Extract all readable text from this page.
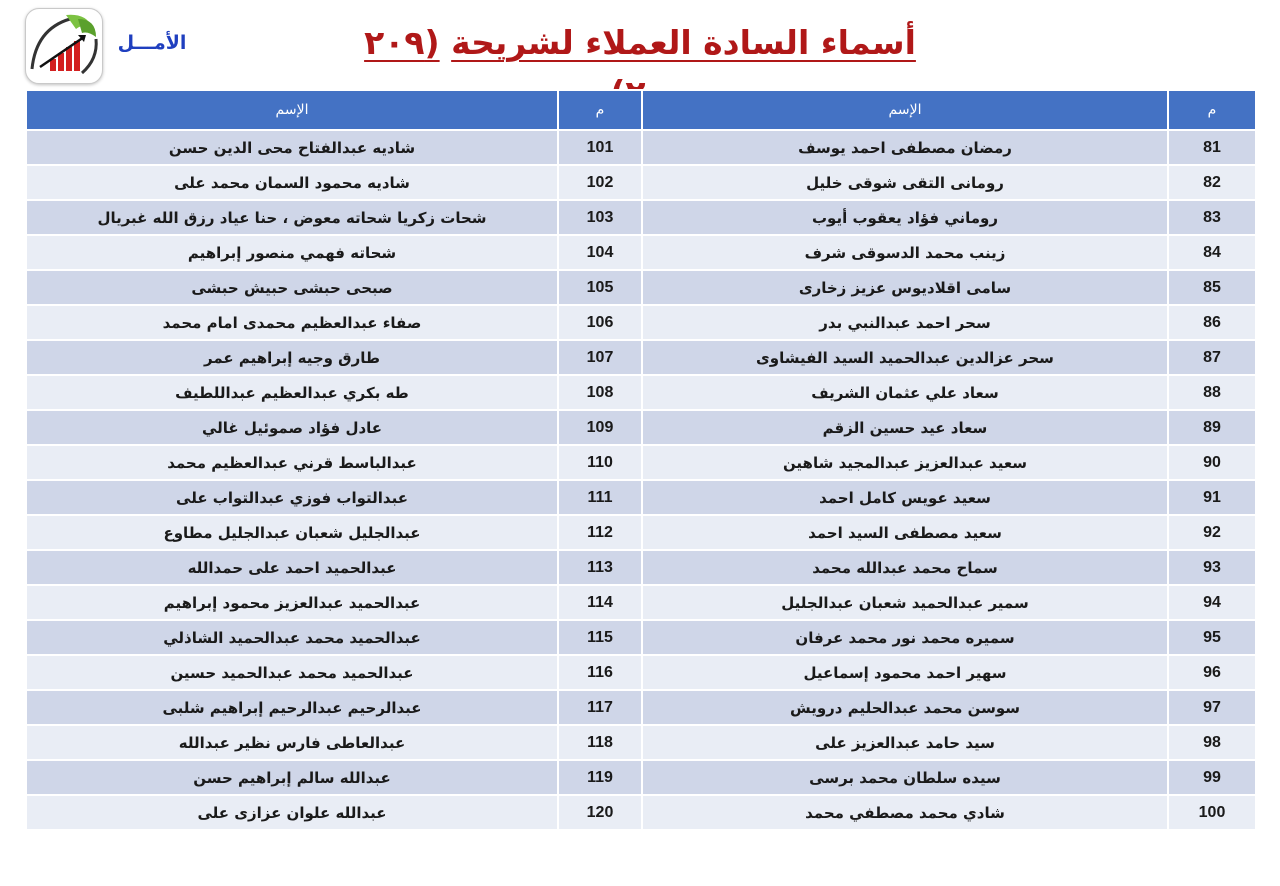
الأمـــل	أسماء السادة العملاء لشريحة (٢٠٩
م	الإسم	م	الإسم
81	رمضان مصطفى احمد يوسف	101	شاديه عبدالفتاح محى الدين حسن
82	رومانى التقى شوقى خليل	102	شاديه محمود السمان محمد على
83	روماني فؤاد يعقوب أيوب	103	شحات زكريا شحاته معوض ، حنا عياد رزق الله غبريال
84	زينب محمد الدسوقى شرف	104	شحاته فهمي منصور إبراهيم
85	سامى اقلاديوس عزيز زخارى	105	صبحى حبشى حبيش حبشى
86	سحر احمد عبدالنبي بدر	106	صفاء عبدالعظيم محمدى امام محمد
87	سحر عزالدين عبدالحميد السيد الفيشاوى	107	طارق وجيه إبراهيم عمر
88	سعاد علي عثمان الشريف	108	طه بكري عبدالعظيم عبداللطيف
89	سعاد عيد حسين الزقم	109	عادل فؤاد صموئيل غالي
90	سعيد عبدالعزيز عبدالمجيد شاهين	110	عبدالباسط قرني عبدالعظيم محمد
91	سعيد عويس كامل احمد	111	عبدالتواب فوزي عبدالتواب على
92	سعيد مصطفى السيد احمد	112	عبدالجليل شعبان عبدالجليل مطاوع
93	سماح محمد عبدالله محمد	113	عبدالحميد احمد على حمدالله
94	سمير عبدالحميد شعبان عبدالجليل	114	عبدالحميد عبدالعزيز محمود إبراهيم
95	سميره محمد نور محمد عرفان	115	عبدالحميد محمد عبدالحميد الشاذلي
96	سهير احمد محمود إسماعيل	116	عبدالحميد محمد عبدالحميد حسين
97	سوسن محمد عبدالحليم درويش	117	عبدالرحيم عبدالرحيم إبراهيم شلبى
98	سيد حامد عبدالعزيز على	118	عبدالعاطى فارس نظير عبدالله
99	سيده سلطان محمد برسى	119	عبدالله سالم إبراهيم حسن
100	شادي محمد مصطفي محمد	120	عبدالله علوان عزازى على
